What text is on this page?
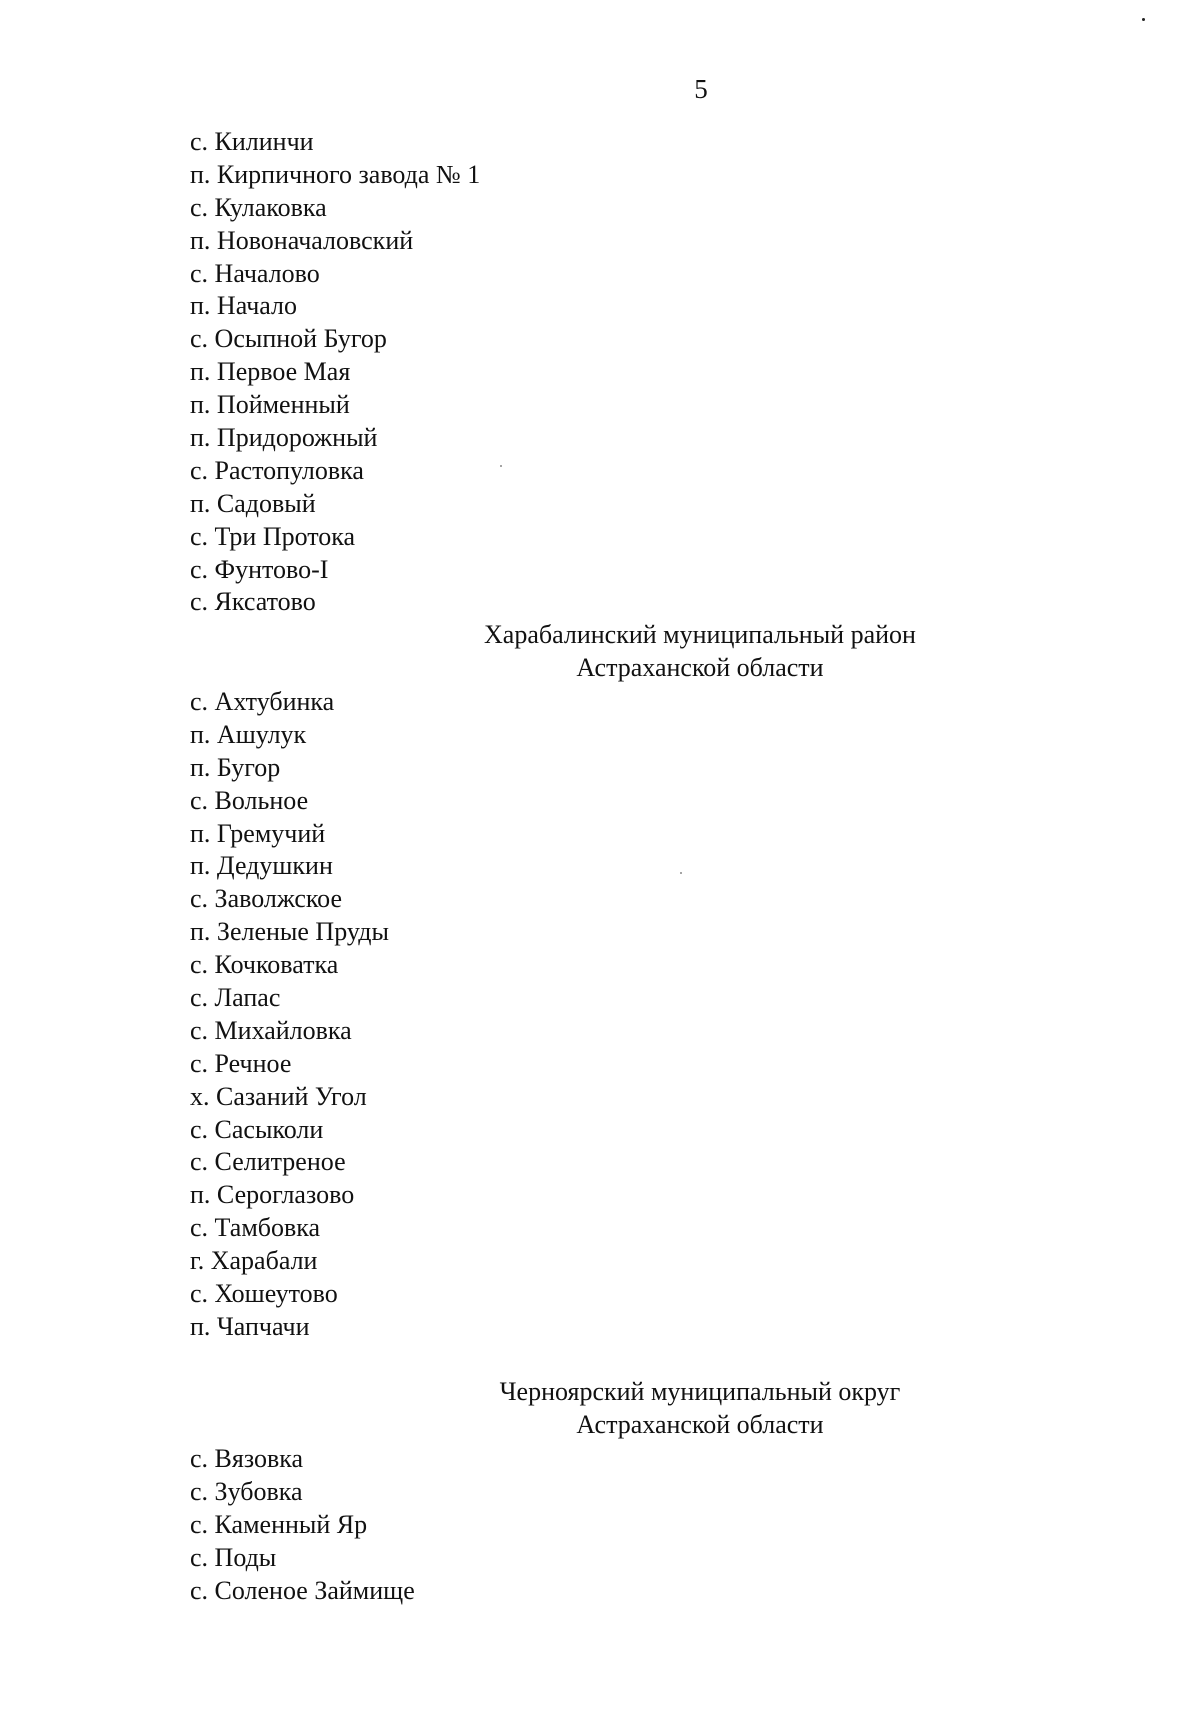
5
с. Килинчи
п. Кирпичного завода № 1
с. Кулаковка
п. Новоначаловский
с. Началово
п. Начало
с. Осыпной Бугор
п. Первое Мая
п. Пойменный
п. Придорожный
с. Растопуловка
п. Садовый
с. Три Протока
с. Фунтово-I
с. Яксатово
Харабалинский муниципальный район
Астраханской области
с. Ахтубинка
п. Ашулук
п. Бугор
с. Вольное
п. Гремучий
п. Дедушкин
с. Заволжское
п. Зеленые Пруды
с. Кочковатка
с. Лапас
с. Михайловка
с. Речное
х. Сазаний Угол
с. Сасыколи
с. Селитреное
п. Сероглазово
с. Тамбовка
г. Харабали
с. Хошеутово
п. Чапчачи
Черноярский муниципальный округ
Астраханской области
с. Вязовка
с. Зубовка
с. Каменный Яр
с. Поды
с. Соленое Займище
